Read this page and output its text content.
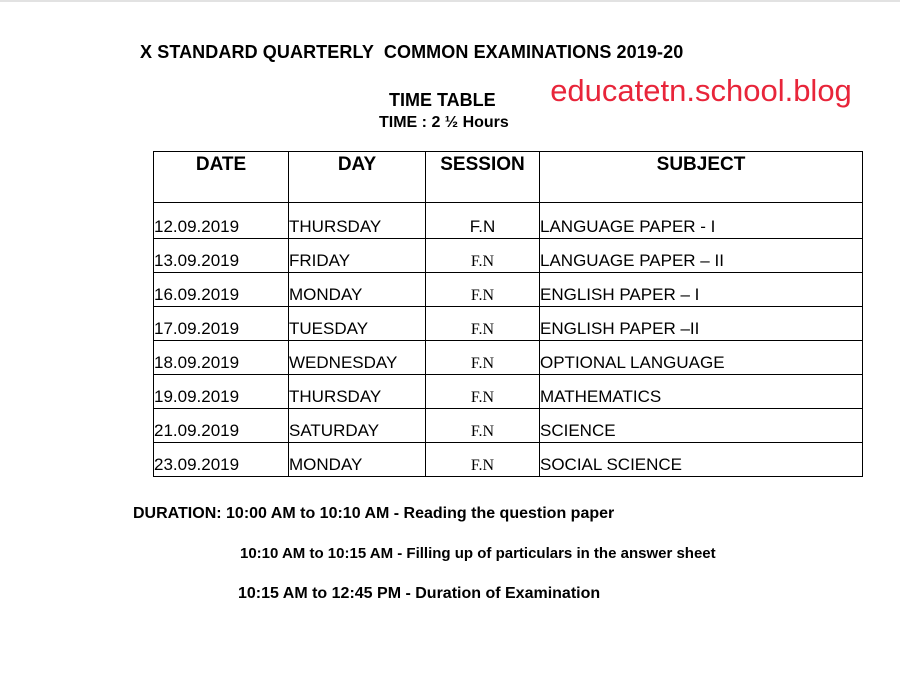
X STANDARD QUARTERLY  COMMON EXAMINATIONS 2019-20
TIME TABLE
TIME : 2 ½ Hours
educatetn.school.blog
DATE	DAY	SESSION	SUBJECT
12.09.2019	THURSDAY	F.N	LANGUAGE PAPER - I
13.09.2019	FRIDAY	F.N	LANGUAGE PAPER – II
16.09.2019	MONDAY	F.N	ENGLISH PAPER – I
17.09.2019	TUESDAY	F.N	ENGLISH PAPER –II
18.09.2019	WEDNESDAY	F.N	OPTIONAL LANGUAGE
19.09.2019	THURSDAY	F.N	MATHEMATICS
21.09.2019	SATURDAY	F.N	SCIENCE
23.09.2019	MONDAY	F.N	SOCIAL SCIENCE

DURATION: 10:00 AM to 10:10 AM - Reading the question paper

10:10 AM to 10:15 AM - Filling up of particulars in the answer sheet

10:15 AM to 12:45 PM - Duration of Examination
